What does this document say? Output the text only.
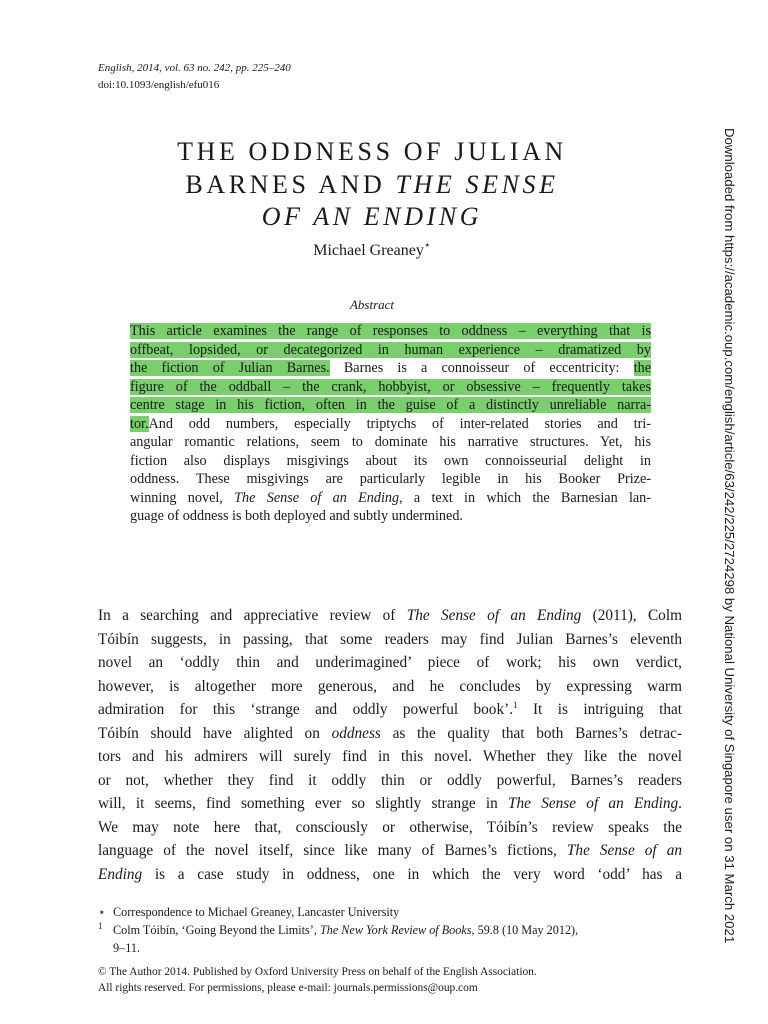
English, 2014, vol. 63 no. 242, pp. 225–240
doi:10.1093/english/efu016
THE ODDNESS OF JULIAN
BARNES AND THE SENSE
OF AN ENDING
Michael Greaney⋆
Abstract
This article examines the range of responses to oddness – everything that is
offbeat, lopsided, or decategorized in human experience – dramatized by
the fiction of Julian Barnes. Barnes is a connoisseur of eccentricity: the
figure of the oddball – the crank, hobbyist, or obsessive – frequently takes
centre stage in his fiction, often in the guise of a distinctly unreliable narra-
tor.And odd numbers, especially triptychs of inter-related stories and tri-
angular romantic relations, seem to dominate his narrative structures. Yet, his
fiction also displays misgivings about its own connoisseurial delight in
oddness. These misgivings are particularly legible in his Booker Prize-
winning novel, The Sense of an Ending, a text in which the Barnesian lan-
guage of oddness is both deployed and subtly undermined.
In a searching and appreciative review of The Sense of an Ending (2011), Colm
Tóibín suggests, in passing, that some readers may find Julian Barnes’s eleventh
novel an ‘oddly thin and underimagined’ piece of work; his own verdict,
however, is altogether more generous, and he concludes by expressing warm
admiration for this ‘strange and oddly powerful book’.$^1$ It is intriguing that
Tóibín should have alighted on oddness as the quality that both Barnes’s detrac-
tors and his admirers will surely find in this novel. Whether they like the novel
or not, whether they find it oddly thin or oddly powerful, Barnes’s readers
will, it seems, find something ever so slightly strange in The Sense of an Ending.
We may note here that, consciously or otherwise, Tóibín’s review speaks the
language of the novel itself, since like many of Barnes’s fictions, The Sense of an
Ending is a case study in oddness, one in which the very word ‘odd’ has a
⋆ Correspondence to Michael Greaney, Lancaster University
$^1$ Colm Tóibín, ‘Going Beyond the Limits’, The New York Review of Books, 59.8 (10 May 2012),
9–11.
© The Author 2014. Published by Oxford University Press on behalf of the English Association.
All rights reserved. For permissions, please e-mail: journals.permissions@oup.com
Downloaded from https://academic.oup.com/english/article/63/242/225/2724298 by National University of Singapore user on 31 March 2021
